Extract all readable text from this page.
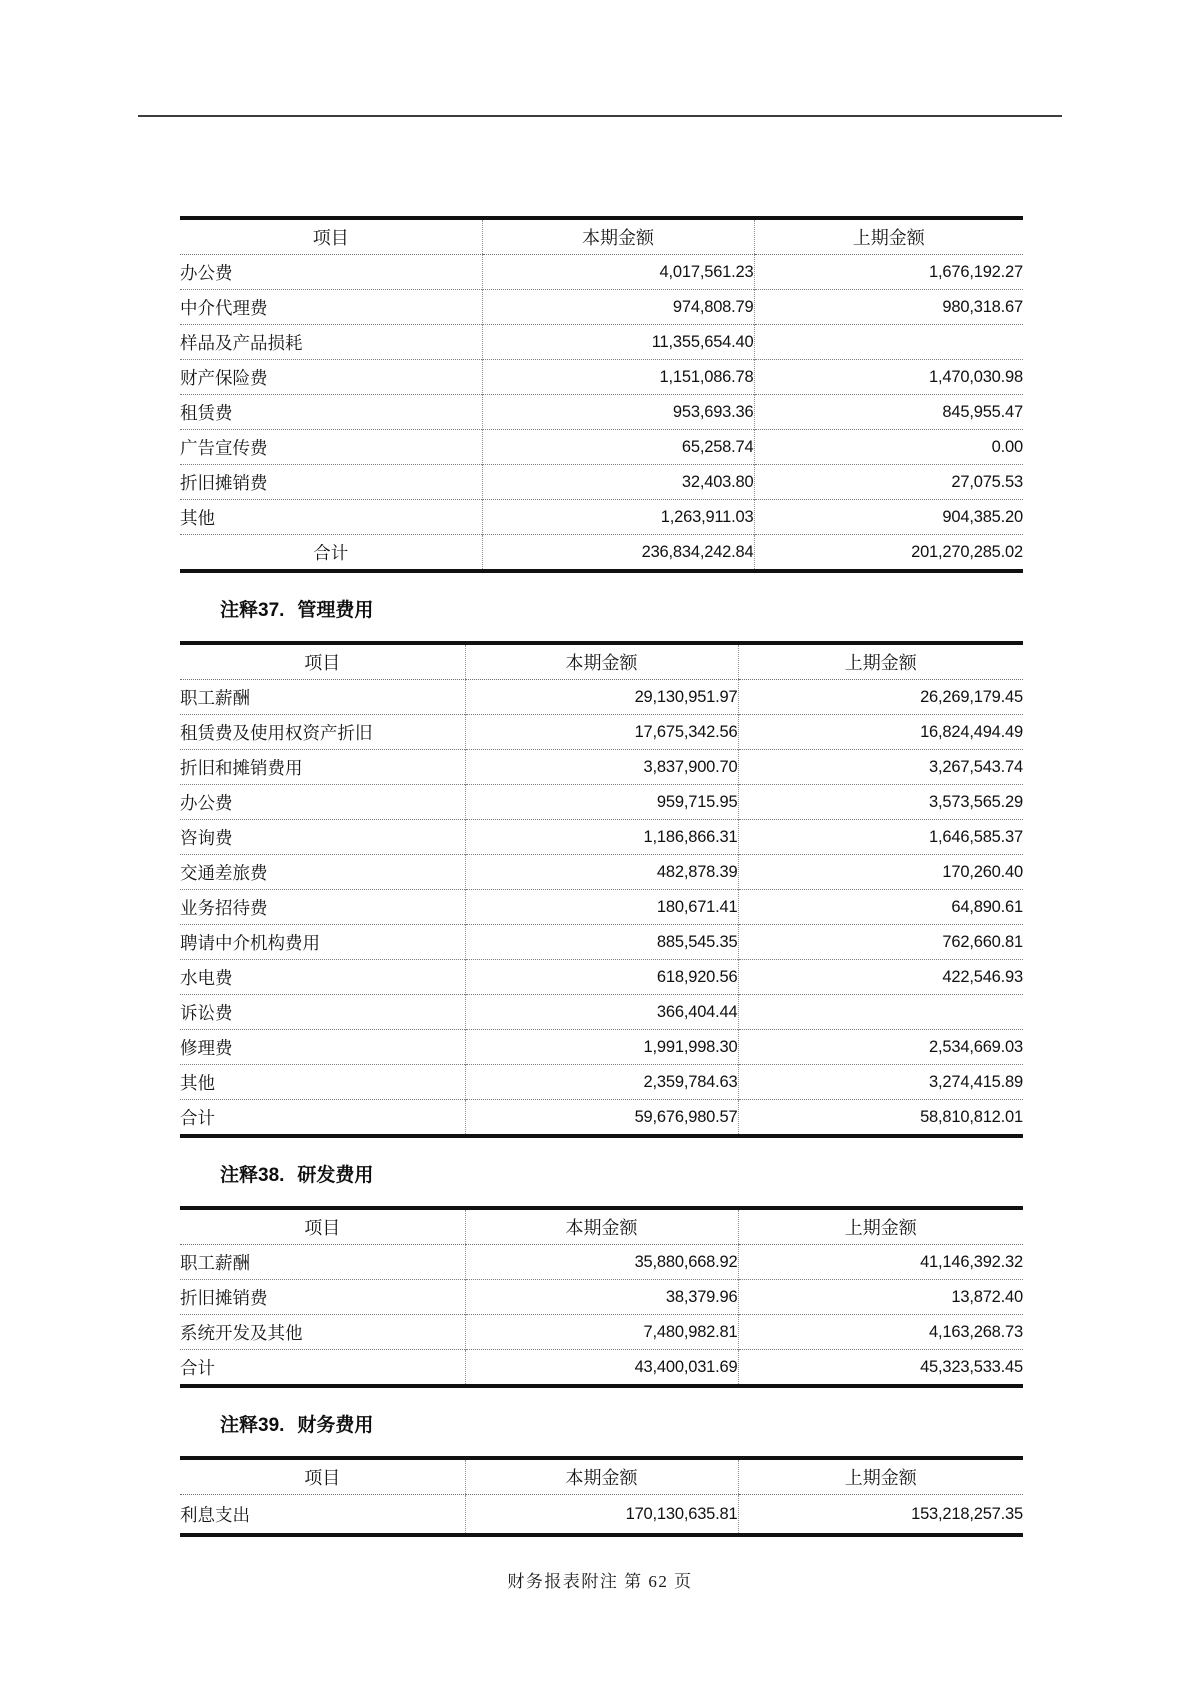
项目	本期金额	上期金额
办公费	4,017,561.23	1,676,192.27
中介代理费	974,808.79	980,318.67
样品及产品损耗	11,355,654.40	
财产保险费	1,151,086.78	1,470,030.98
租赁费	953,693.36	845,955.47
广告宣传费	65,258.74	0.00
折旧摊销费	32,403.80	27,075.53
其他	1,263,911.03	904,385.20
合计	236,834,242.84	201,270,285.02
注释37. 管理费用
项目	本期金额	上期金额
职工薪酬	29,130,951.97	26,269,179.45
租赁费及使用权资产折旧	17,675,342.56	16,824,494.49
折旧和摊销费用	3,837,900.70	3,267,543.74
办公费	959,715.95	3,573,565.29
咨询费	1,186,866.31	1,646,585.37
交通差旅费	482,878.39	170,260.40
业务招待费	180,671.41	64,890.61
聘请中介机构费用	885,545.35	762,660.81
水电费	618,920.56	422,546.93
诉讼费	366,404.44	
修理费	1,991,998.30	2,534,669.03
其他	2,359,784.63	3,274,415.89
合计	59,676,980.57	58,810,812.01
注释38. 研发费用
项目	本期金额	上期金额
职工薪酬	35,880,668.92	41,146,392.32
折旧摊销费	38,379.96	13,872.40
系统开发及其他	7,480,982.81	4,163,268.73
合计	43,400,031.69	45,323,533.45
注释39. 财务费用
项目	本期金额	上期金额
利息支出	170,130,635.81	153,218,257.35
财务报表附注 第 62 页
